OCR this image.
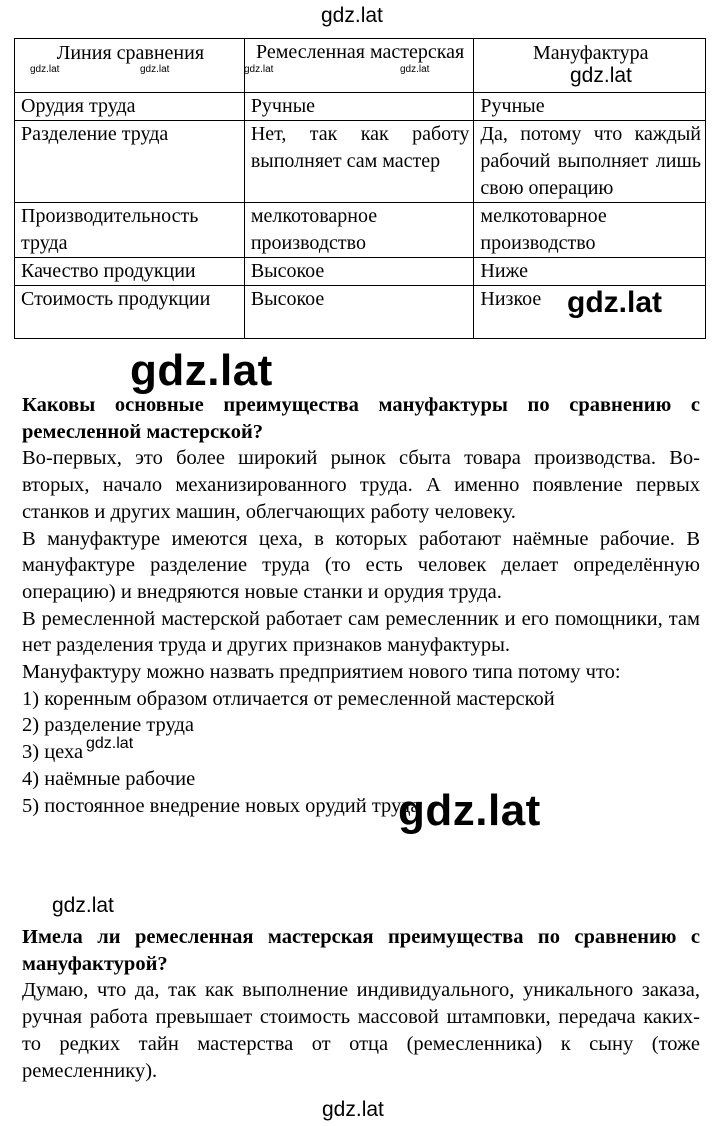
gdz.lat
Линия сравнения	Ремесленная мастерская	Мануфактура
Орудия труда	Ручные	Ручные
Разделение труда	Нет, так как работу выполняет сам мастер	Да, потому что каждый рабочий выполняет лишь свою операцию
Производительность труда	мелкотоварное производство	мелкотоварное производство
Качество продукции	Высокое	Ниже
Стоимость продукции	Высокое	Низкое
gdz.lat	gdz.lat	gdz.lat	gdz.lat	gdz.lat
gdz.lat
gdz.lat

Каковы основные преимущества мануфактуры по сравнению с ремесленной мастерской?

Во-первых, это более широкий рынок сбыта товара производства. Во-вторых, начало механизированного труда. А именно появление первых станков и других машин, облегчающих работу человеку.

В мануфактуре имеются цеха, в которых работают наёмные рабочие. В мануфактуре разделение труда (то есть человек делает определённую операцию) и внедряются новые станки и орудия труда.

В ремесленной мастерской работает сам ремесленник и его помощники, там нет разделения труда и других признаков мануфактуры.

Мануфактуру можно назвать предприятием нового типа потому что:

1) коренным образом отличается от ремесленной мастерской
2) разделение труда
3) цеха
4) наёмные рабочие
5) постоянное внедрение новых орудий труда
gdz.lat
gdz.lat
gdz.lat

Имела ли ремесленная мастерская преимущества по сравнению с мануфактурой?

Думаю, что да, так как выполнение индивидуального, уникального заказа, ручная работа превышает стоимость массовой штамповки, передача каких-то редких тайн мастерства от отца (ремесленника) к сыну (тоже ремесленнику).

gdz.lat
